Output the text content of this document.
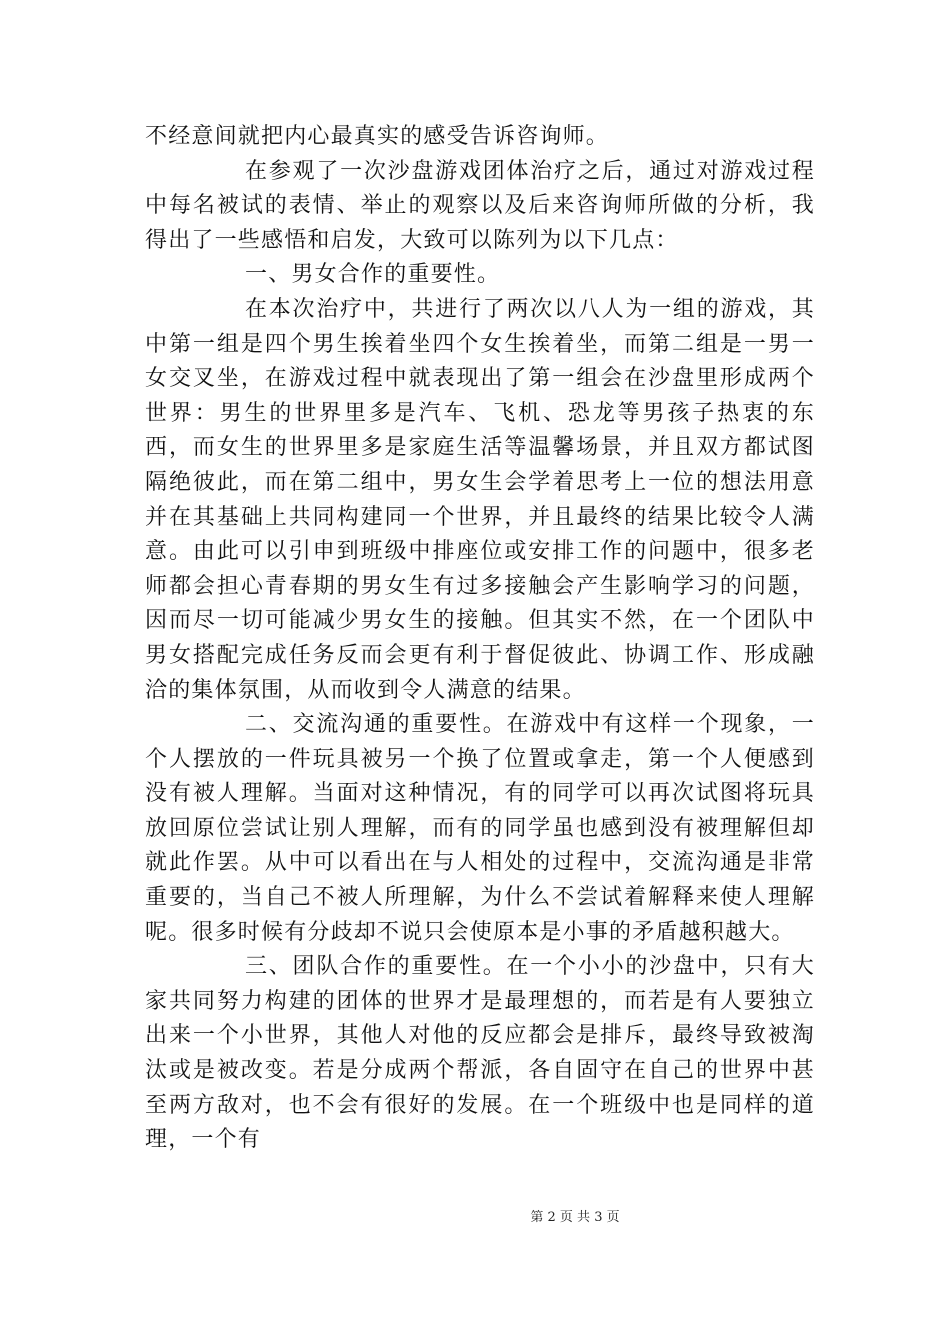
不经意间就把内心最真实的感受告诉咨询师。

在参观了一次沙盘游戏团体治疗之后，通过对游戏过程中每名被试的表情、举止的观察以及后来咨询师所做的分析，我得出了一些感悟和启发，大致可以陈列为以下几点：

一、男女合作的重要性。

在本次治疗中，共进行了两次以八人为一组的游戏，其中第一组是四个男生挨着坐四个女生挨着坐，而第二组是一男一女交叉坐，在游戏过程中就表现出了第一组会在沙盘里形成两个世界：男生的世界里多是汽车、飞机、恐龙等男孩子热衷的东西，而女生的世界里多是家庭生活等温馨场景，并且双方都试图隔绝彼此，而在第二组中，男女生会学着思考上一位的想法用意并在其基础上共同构建同一个世界，并且最终的结果比较令人满意。由此可以引申到班级中排座位或安排工作的问题中，很多老师都会担心青春期的男女生有过多接触会产生影响学习的问题，因而尽一切可能减少男女生的接触。但其实不然，在一个团队中男女搭配完成任务反而会更有利于督促彼此、协调工作、形成融洽的集体氛围，从而收到令人满意的结果。

二、交流沟通的重要性。在游戏中有这样一个现象，一个人摆放的一件玩具被另一个换了位置或拿走，第一个人便感到没有被人理解。当面对这种情况，有的同学可以再次试图将玩具放回原位尝试让别人理解，而有的同学虽也感到没有被理解但却就此作罢。从中可以看出在与人相处的过程中，交流沟通是非常重要的，当自己不被人所理解，为什么不尝试着解释来使人理解呢。很多时候有分歧却不说只会使原本是小事的矛盾越积越大。

三、团队合作的重要性。在一个小小的沙盘中，只有大家共同努力构建的团体的世界才是最理想的，而若是有人要独立出来一个小世界，其他人对他的反应都会是排斥，最终导致被淘汰或是被改变。若是分成两个帮派，各自固守在自己的世界中甚至两方敌对，也不会有很好的发展。在一个班级中也是同样的道理，一个有

第 2 页 共 3 页
